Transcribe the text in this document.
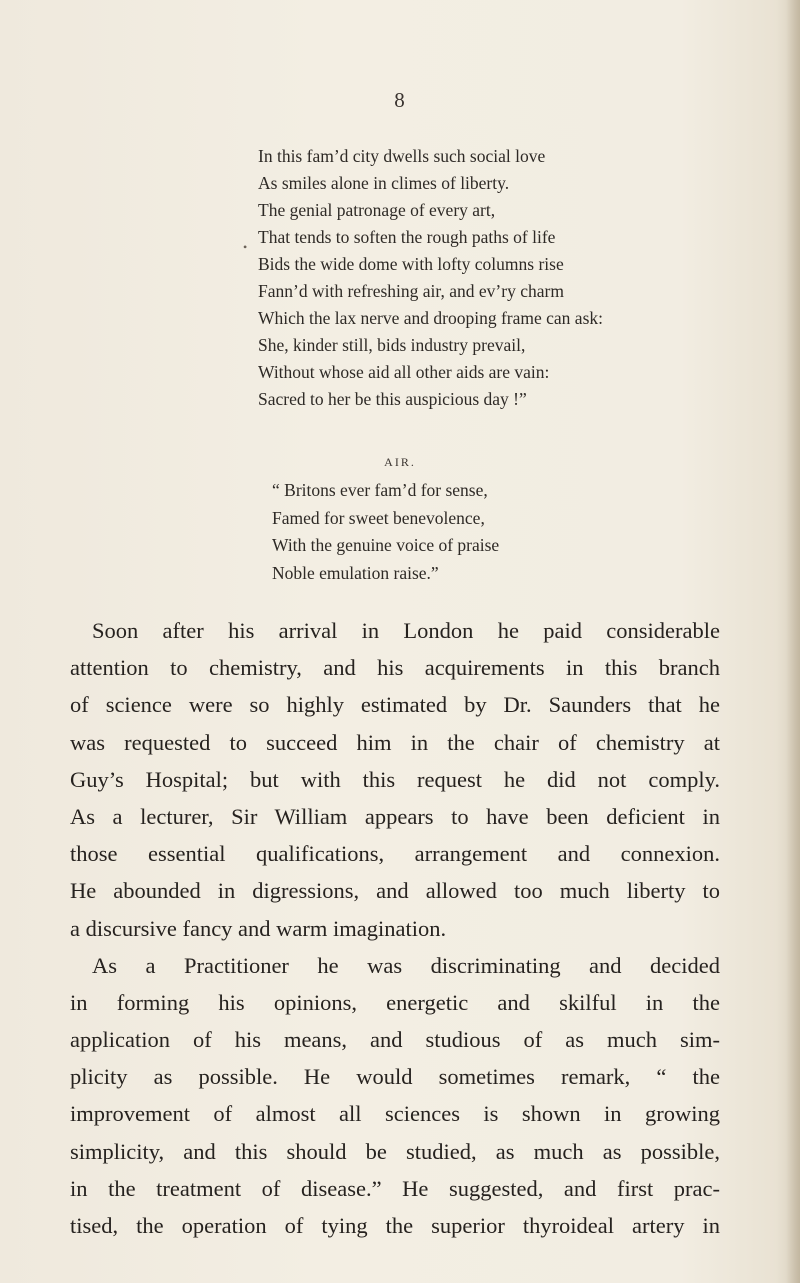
8
•
In this fam’d city dwells such social love
As smiles alone in climes of liberty.
The genial patronage of every art,
That tends to soften the rough paths of life
Bids the wide dome with lofty columns rise
Fann’d with refreshing air, and ev’ry charm
Which the lax nerve and drooping frame can ask:
She, kinder still, bids industry prevail,
Without whose aid all other aids are vain:
Sacred to her be this auspicious day !”
AIR.
“ Britons ever fam’d for sense,
Famed for sweet benevolence,
With the genuine voice of praise
Noble emulation raise.”
Soon after his arrival in London he paid considerable
attention to chemistry, and his acquirements in this branch
of science were so highly estimated by Dr. Saunders that he
was requested to succeed him in the chair of chemistry at
Guy’s Hospital; but with this request he did not comply.
As a lecturer, Sir William appears to have been deficient in
those essential qualifications, arrangement and connexion.
He abounded in digressions, and allowed too much liberty to
a discursive fancy and warm imagination.
As a Practitioner he was discriminating and decided
in forming his opinions, energetic and skilful in the
application of his means, and studious of as much sim-
plicity as possible. He would sometimes remark, “ the
improvement of almost all sciences is shown in growing
simplicity, and this should be studied, as much as possible,
in the treatment of disease.” He suggested, and first prac-
tised, the operation of tying the superior thyroideal artery in
